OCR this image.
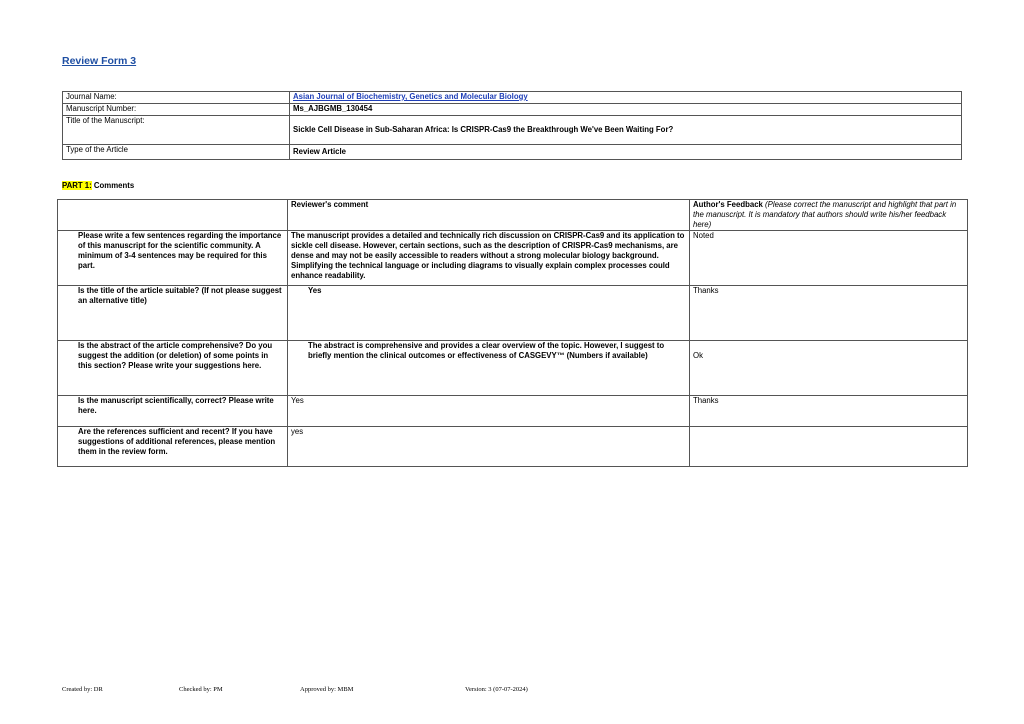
Review Form 3
Journal Name:	Asian Journal of Biochemistry, Genetics and Molecular Biology
Manuscript Number:	Ms_AJBGMB_130454
Title of the Manuscript:	Sickle Cell Disease in Sub-Saharan Africa: Is CRISPR-Cas9 the Breakthrough We've Been Waiting For?
Type of the Article	Review Article
PART 1: Comments
	Reviewer's comment	Author's Feedback (Please correct the manuscript and highlight that part in the manuscript. It is mandatory that authors should write his/her feedback here)
Please write a few sentences regarding the importance of this manuscript for the scientific community. A minimum of 3-4 sentences may be required for this part.	The manuscript provides a detailed and technically rich discussion on CRISPR-Cas9 and its application to sickle cell disease. However, certain sections, such as the description of CRISPR-Cas9 mechanisms, are dense and may not be easily accessible to readers without a strong molecular biology background. Simplifying the technical language or including diagrams to visually explain complex processes could enhance readability.	Noted
Is the title of the article suitable? (If not please suggest an alternative title)	Yes	Thanks
Is the abstract of the article comprehensive? Do you suggest the addition (or deletion) of some points in this section? Please write your suggestions here.	The abstract is comprehensive and provides a clear overview of the topic. However, I suggest to briefly mention the clinical outcomes or effectiveness of CASGEVY™ (Numbers if available)	Ok
Is the manuscript scientifically, correct? Please write here.	Yes	Thanks
Are the references sufficient and recent? If you have suggestions of additional references, please mention them in the review form.	yes	
Created by: DR	Checked by: PM	Approved by: MBM	Version: 3 (07-07-2024)
